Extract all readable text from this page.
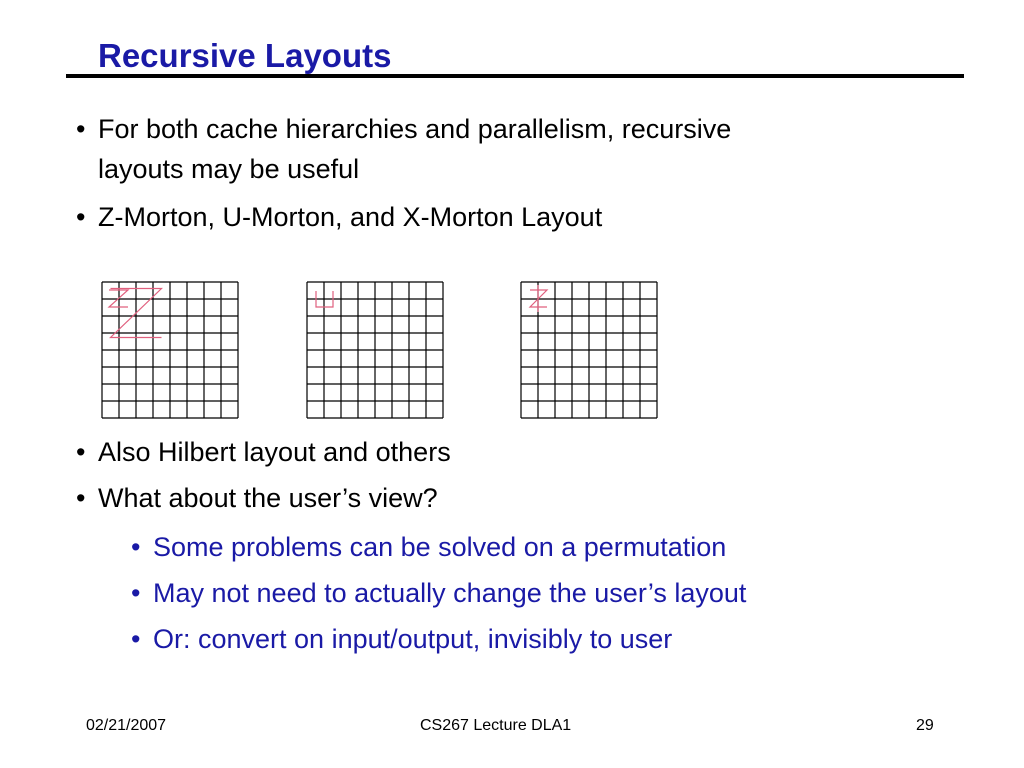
Recursive Layouts
• For both cache hierarchies and parallelism, recursive
layouts may be useful
• Z-Morton, U-Morton, and X-Morton Layout
• Also Hilbert layout and others
• What about the user’s view?
• Some problems can be solved on a permutation
• May not need to actually change the user’s layout
• Or: convert on input/output, invisibly to user
02/21/2007	CS267 Lecture DLA1	29
